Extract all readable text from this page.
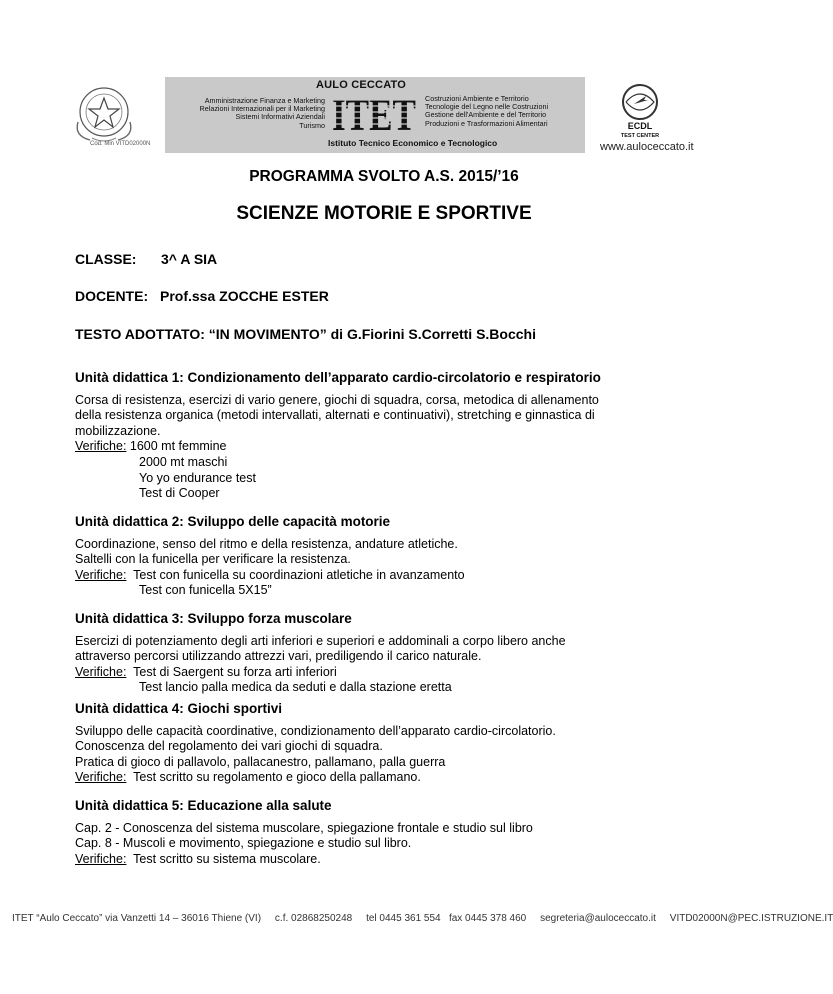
Cod. Min VITD02000N
AULO CECCATO
Amministrazione Finanza e Marketing
Relazioni Internazionali per il Marketing
Sistemi Informativi Aziendali
Turismo ITET Costruzioni Ambiente e Territorio
Tecnologie del Legno nelle Costruzioni
Gestione dell'Ambiente e del Territorio
Produzioni e Trasformazioni Alimentari
Istituto Tecnico Economico e Tecnologico
ECDL
TEST CENTER
www.auloceccato.it
PROGRAMMA SVOLTO A.S. 2015/’16
SCIENZE MOTORIE E SPORTIVE
CLASSE: 3^ A SIA
DOCENTE: Prof.ssa ZOCCHE ESTER
TESTO ADOTTATO: “IN MOVIMENTO” di G.Fiorini S.Corretti S.Bocchi
Unità didattica 1: Condizionamento dell’apparato cardio-circolatorio e respiratorio
Corsa di resistenza, esercizi di vario genere, giochi di squadra, corsa, metodica di allenamento
della resistenza organica (metodi intervallati, alternati e continuativi), stretching e ginnastica di
mobilizzazione.
Verifiche: 1600 mt femmine
2000 mt maschi
Yo yo endurance test
Test di Cooper
Unità didattica 2: Sviluppo delle capacità motorie
Coordinazione, senso del ritmo e della resistenza, andature atletiche.
Saltelli con la funicella per verificare la resistenza.
Verifiche: Test con funicella su coordinazioni atletiche in avanzamento
Test con funicella 5X15”
Unità didattica 3: Sviluppo forza muscolare
Esercizi di potenziamento degli arti inferiori e superiori e addominali a corpo libero anche
attraverso percorsi utilizzando attrezzi vari, prediligendo il carico naturale.
Verifiche: Test di Saergent su forza arti inferiori
Test lancio palla medica da seduti e dalla stazione eretta
Unità didattica 4: Giochi sportivi
Sviluppo delle capacità coordinative, condizionamento dell’apparato cardio-circolatorio.
Conoscenza del regolamento dei vari giochi di squadra.
Pratica di gioco di pallavolo, pallacanestro, pallamano, palla guerra
Verifiche: Test scritto su regolamento e gioco della pallamano.
Unità didattica 5: Educazione alla salute
Cap. 2 - Conoscenza del sistema muscolare, spiegazione frontale e studio sul libro
Cap. 8 - Muscoli e movimento, spiegazione e studio sul libro.
Verifiche: Test scritto su sistema muscolare.
ITET “Aulo Ceccato” via Vanzetti 14 – 36016 Thiene (VI)     c.f. 02868250248     tel 0445 361 554   fax 0445 378 460     segreteria@auloceccato.it     VITD02000N@PEC.ISTRUZIONE.IT
